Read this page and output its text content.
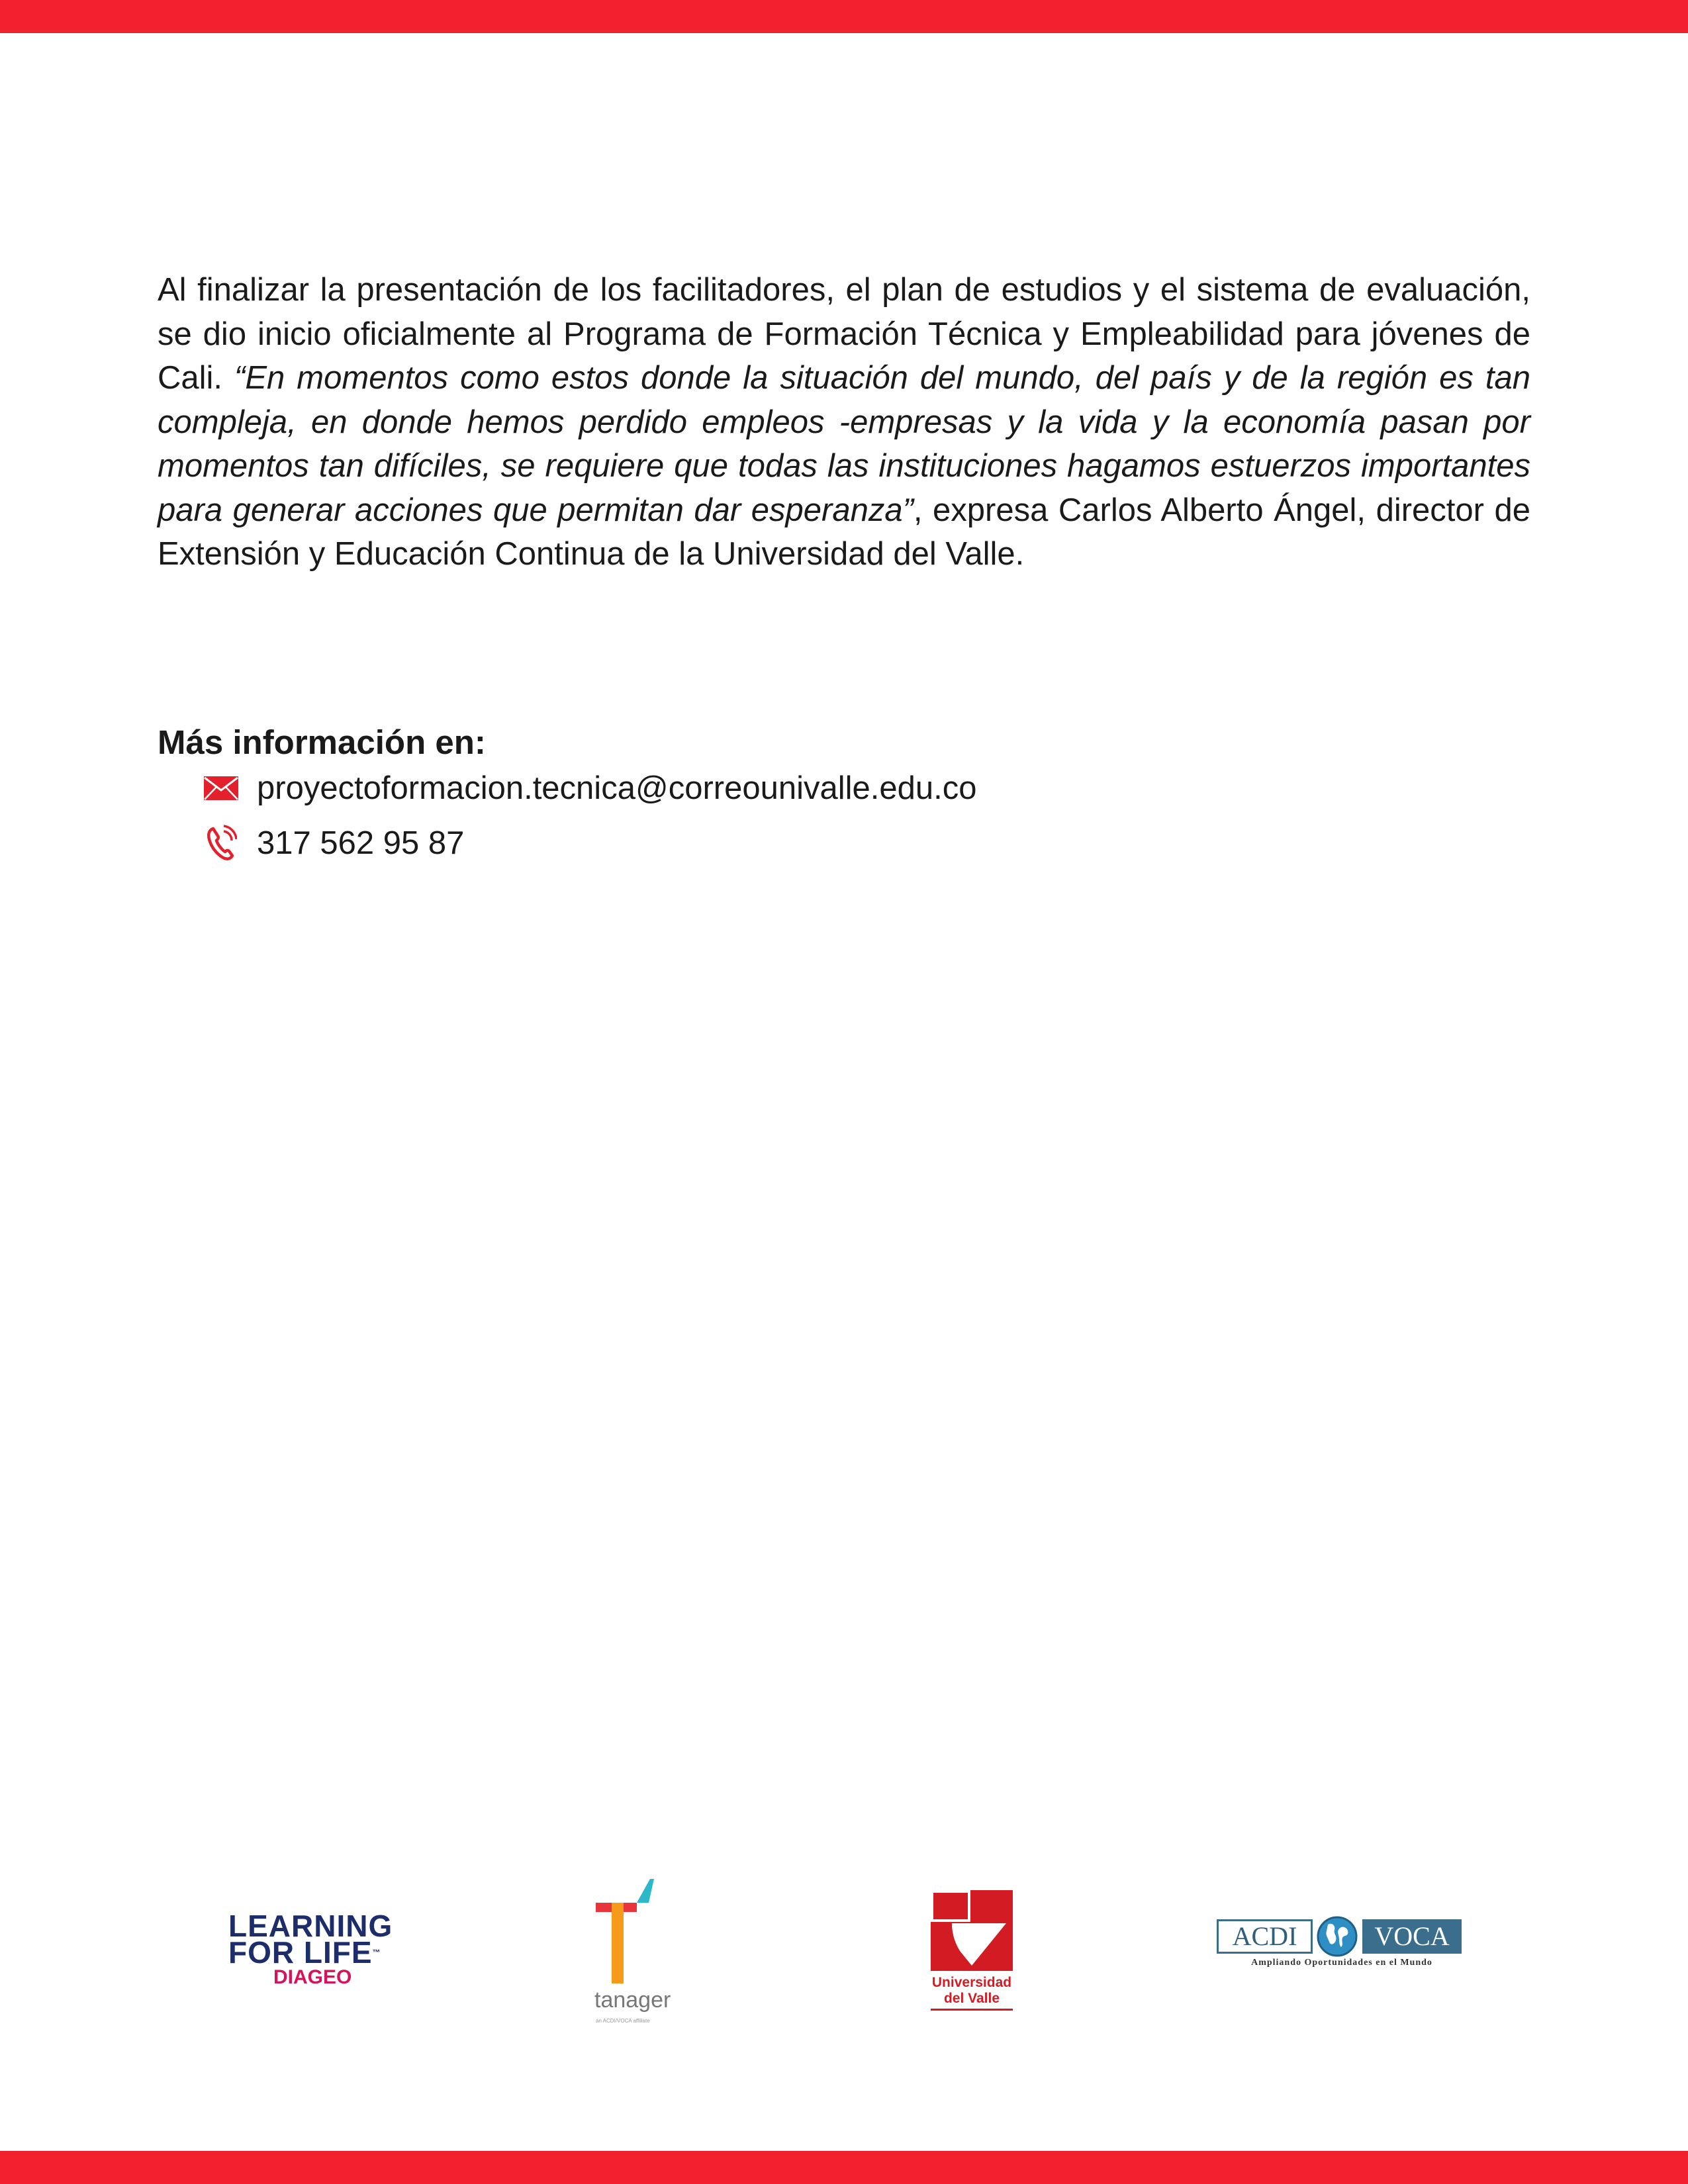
Al finalizar la presentación de los facilitadores, el plan de estudios y el sistema de evaluación, se dio inicio oficialmente al Programa de Formación Técnica y Empleabilidad para jóvenes de Cali. “En momentos como estos donde la situación del mundo, del país y de la región es tan compleja, en donde hemos perdido empleos -empresas y la vida y la economía pasan por momentos tan difíciles, se requiere que todas las instituciones hagamos estuerzos importantes para generar acciones que permitan dar esperanza”, expresa Carlos Alberto Ángel, director de Extensión y Educación Continua de la Universidad del Valle.

Más información en:
proyectoformacion.tecnica@correounivalle.edu.co
317 562 95 87
LEARNING
FOR LIFE™
DIAGEO
tanager
an ACDI/VOCA affiliate
Universidad
del Valle
ACDI	VOCA
Ampliando Oportunidades en el Mundo
